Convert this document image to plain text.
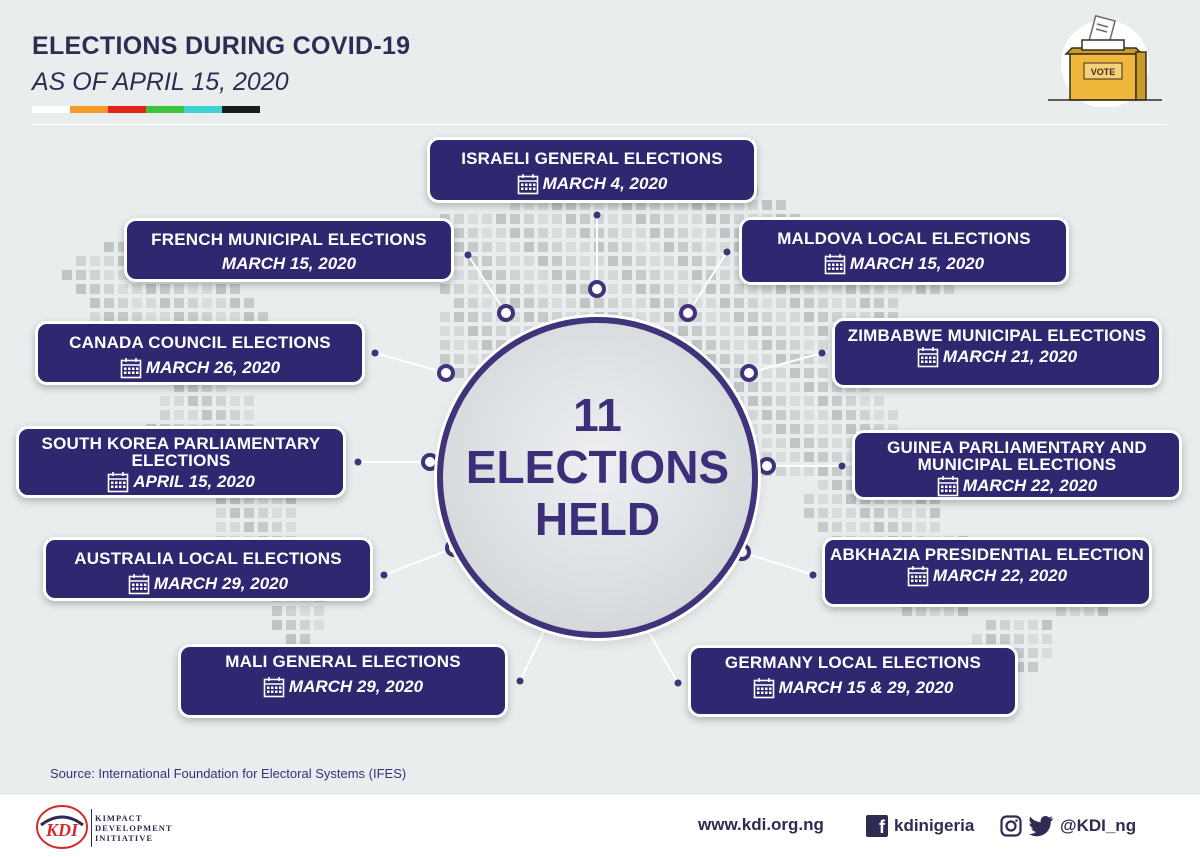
ELECTIONS DURING COVID-19
AS OF APRIL 15, 2020	VOTE
11
ELECTIONS
HELD
ISRAELI GENERAL ELECTIONS
MARCH 4, 2020
FRENCH MUNICIPAL ELECTIONS
MARCH 15, 2020
MALDOVA LOCAL ELECTIONS
MARCH 15, 2020
CANADA COUNCIL ELECTIONS
MARCH 26, 2020
ZIMBABWE MUNICIPAL ELECTIONS
MARCH 21, 2020
SOUTH KOREA PARLIAMENTARY ELECTIONS
APRIL 15, 2020
GUINEA PARLIAMENTARY AND MUNICIPAL ELECTIONS
MARCH 22, 2020
AUSTRALIA LOCAL ELECTIONS
MARCH 29, 2020
ABKHAZIA PRESIDENTIAL ELECTION
MARCH 22, 2020
MALI GENERAL ELECTIONS
MARCH 29, 2020
GERMANY LOCAL ELECTIONS
MARCH 15 & 29, 2020
Source: International Foundation for Electoral Systems (IFES)
KDI
KIMPACT
DEVELOPMENT
INITIATIVE
www.kdi.org.ng	f kdinigeria	@KDI_ng
